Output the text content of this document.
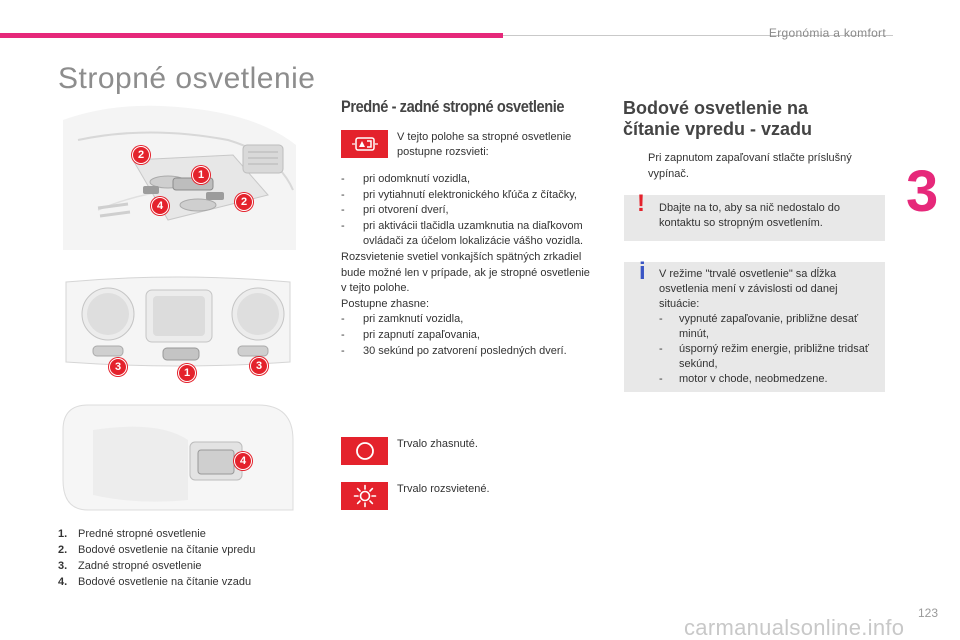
Ergonómia a komfort
3
Stropné osvetlenie
2
1
4	2
3	1
3
4
1. Predné stropné osvetlenie
2. Bodové osvetlenie na čítanie vpredu
3. Zadné stropné osvetlenie
4. Bodové osvetlenie na čítanie vzadu
Predné - zadné stropné osvetlenie
V tejto polohe sa stropné osvetlenie postupne rozsvieti:
- pri odomknutí vozidla,
- pri vytiahnutí elektronického kľúča z čítačky,
- pri otvorení dverí,
- pri aktivácii tlačidla uzamknutia na diaľkovom ovládači za účelom lokalizácie vášho vozidla.
Rozsvietenie svetiel vonkajších spätných zrkadiel bude možné len v prípade, ak je stropné osvetlenie v tejto polohe.
Postupne zhasne:
- pri zamknutí vozidla,
- pri zapnutí zapaľovania,
- 30 sekúnd po zatvorení posledných dverí.
Trvalo zhasnuté.
Trvalo rozsvietené.
Bodové osvetlenie na
čítanie vpredu - vzadu
Pri zapnutom zapaľovaní stlačte príslušný vypínač.
!	Dbajte na to, aby sa nič nedostalo do kontaktu so stropným osvetlením.
i	V režime "trvalé osvetlenie" sa dĺžka osvetlenia mení v závislosti od danej situácie:
- vypnuté zapaľovanie, približne desať minút,
- úsporný režim energie, približne tridsať sekúnd,
- motor v chode, neobmedzene.
123
carmanualsonline.info
